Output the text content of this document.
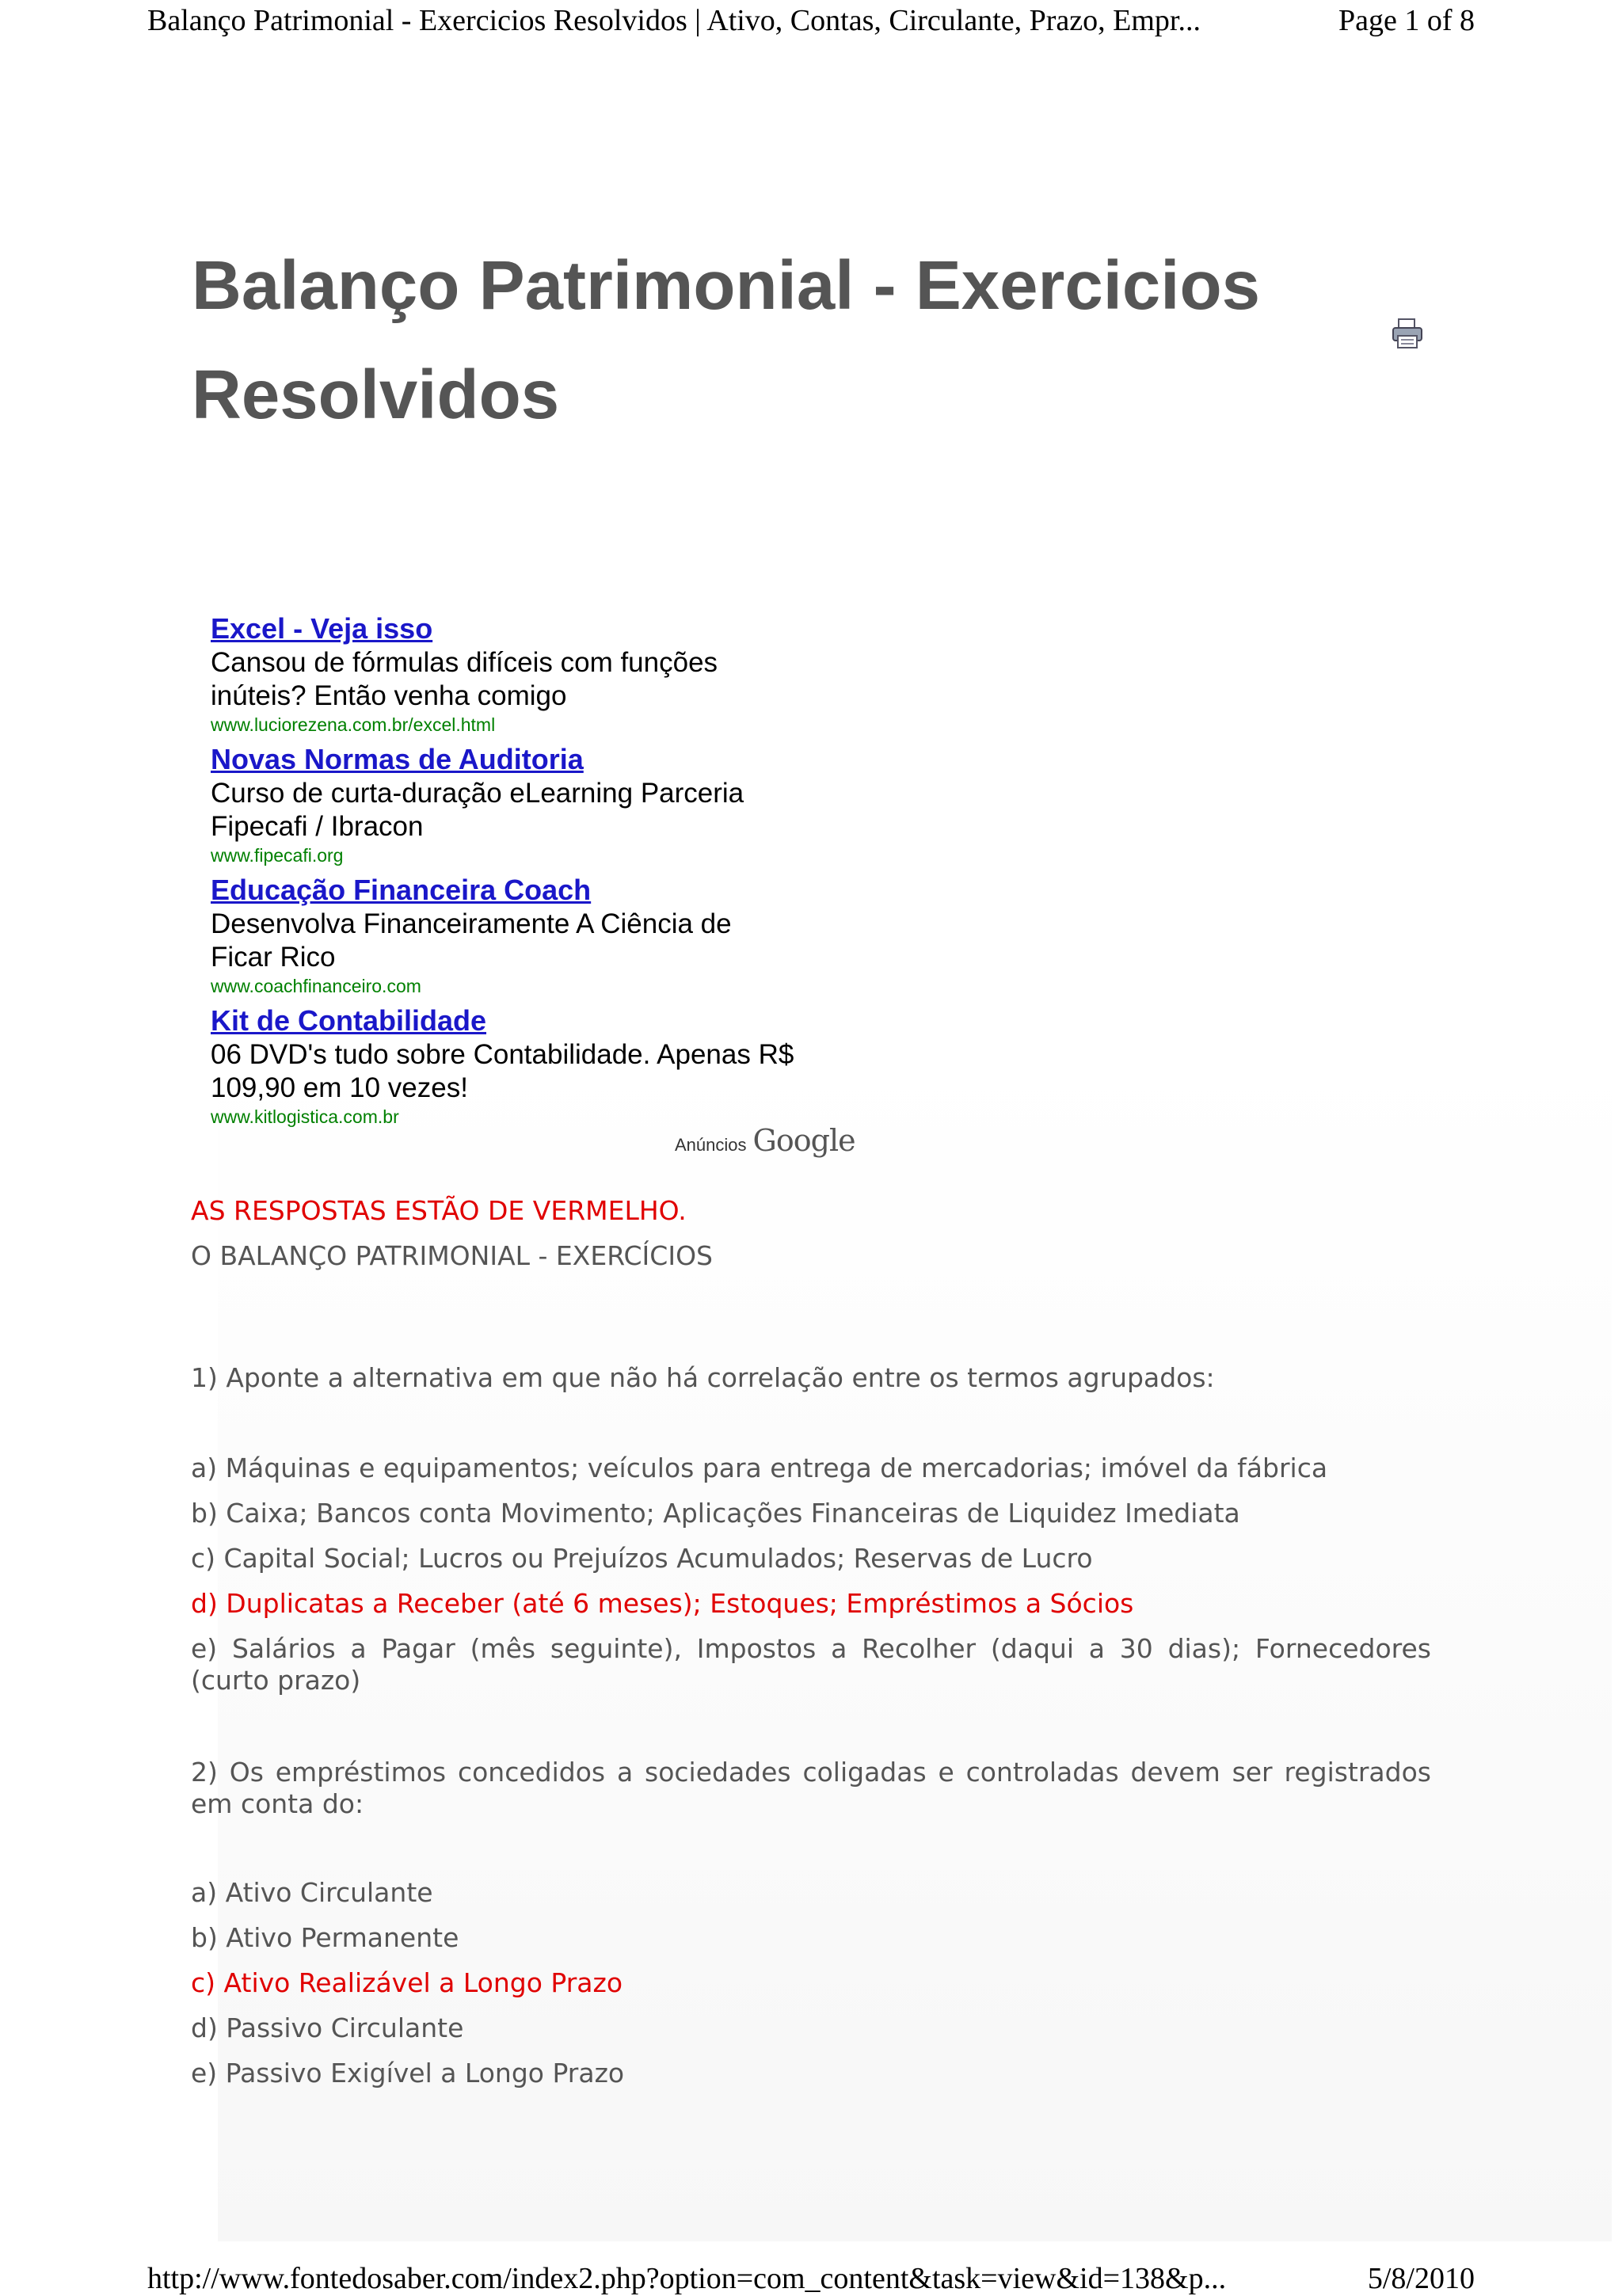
Balanço Patrimonial - Exercicios Resolvidos | Ativo, Contas, Circulante, Prazo, Empr...	Page 1 of 8
Balanço Patrimonial - Exercicios
Resolvidos
Excel - Veja isso
Cansou de fórmulas difíceis com funções
inúteis? Então venha comigo
www.luciorezena.com.br/excel.html
Novas Normas de Auditoria
Curso de curta-duração eLearning Parceria
Fipecafi / Ibracon
www.fipecafi.org
Educação Financeira Coach
Desenvolva Financeiramente A Ciência de
Ficar Rico
www.coachfinanceiro.com
Kit de Contabilidade
06 DVD's tudo sobre Contabilidade. Apenas R$
109,90 em 10 vezes!
www.kitlogistica.com.br
Anúncios Google

AS RESPOSTAS ESTÃO DE VERMELHO.

O BALANÇO PATRIMONIAL - EXERCÍCIOS

1) Aponte a alternativa em que não há correlação entre os termos agrupados:

a) Máquinas e equipamentos; veículos para entrega de mercadorias; imóvel da fábrica

b) Caixa; Bancos conta Movimento; Aplicações Financeiras de Liquidez Imediata

c) Capital Social; Lucros ou Prejuízos Acumulados; Reservas de Lucro

d) Duplicatas a Receber (até 6 meses); Estoques; Empréstimos a Sócios

e) Salários a Pagar (mês seguinte), Impostos a Recolher (daqui a 30 dias); Fornecedores (curto prazo)

2) Os empréstimos concedidos a sociedades coligadas e controladas devem ser registrados em conta do:

a) Ativo Circulante

b) Ativo Permanente

c) Ativo Realizável a Longo Prazo

d) Passivo Circulante

e) Passivo Exigível a Longo Prazo

http://www.fontedosaber.com/index2.php?option=com_content&task=view&id=138&p...	5/8/2010
